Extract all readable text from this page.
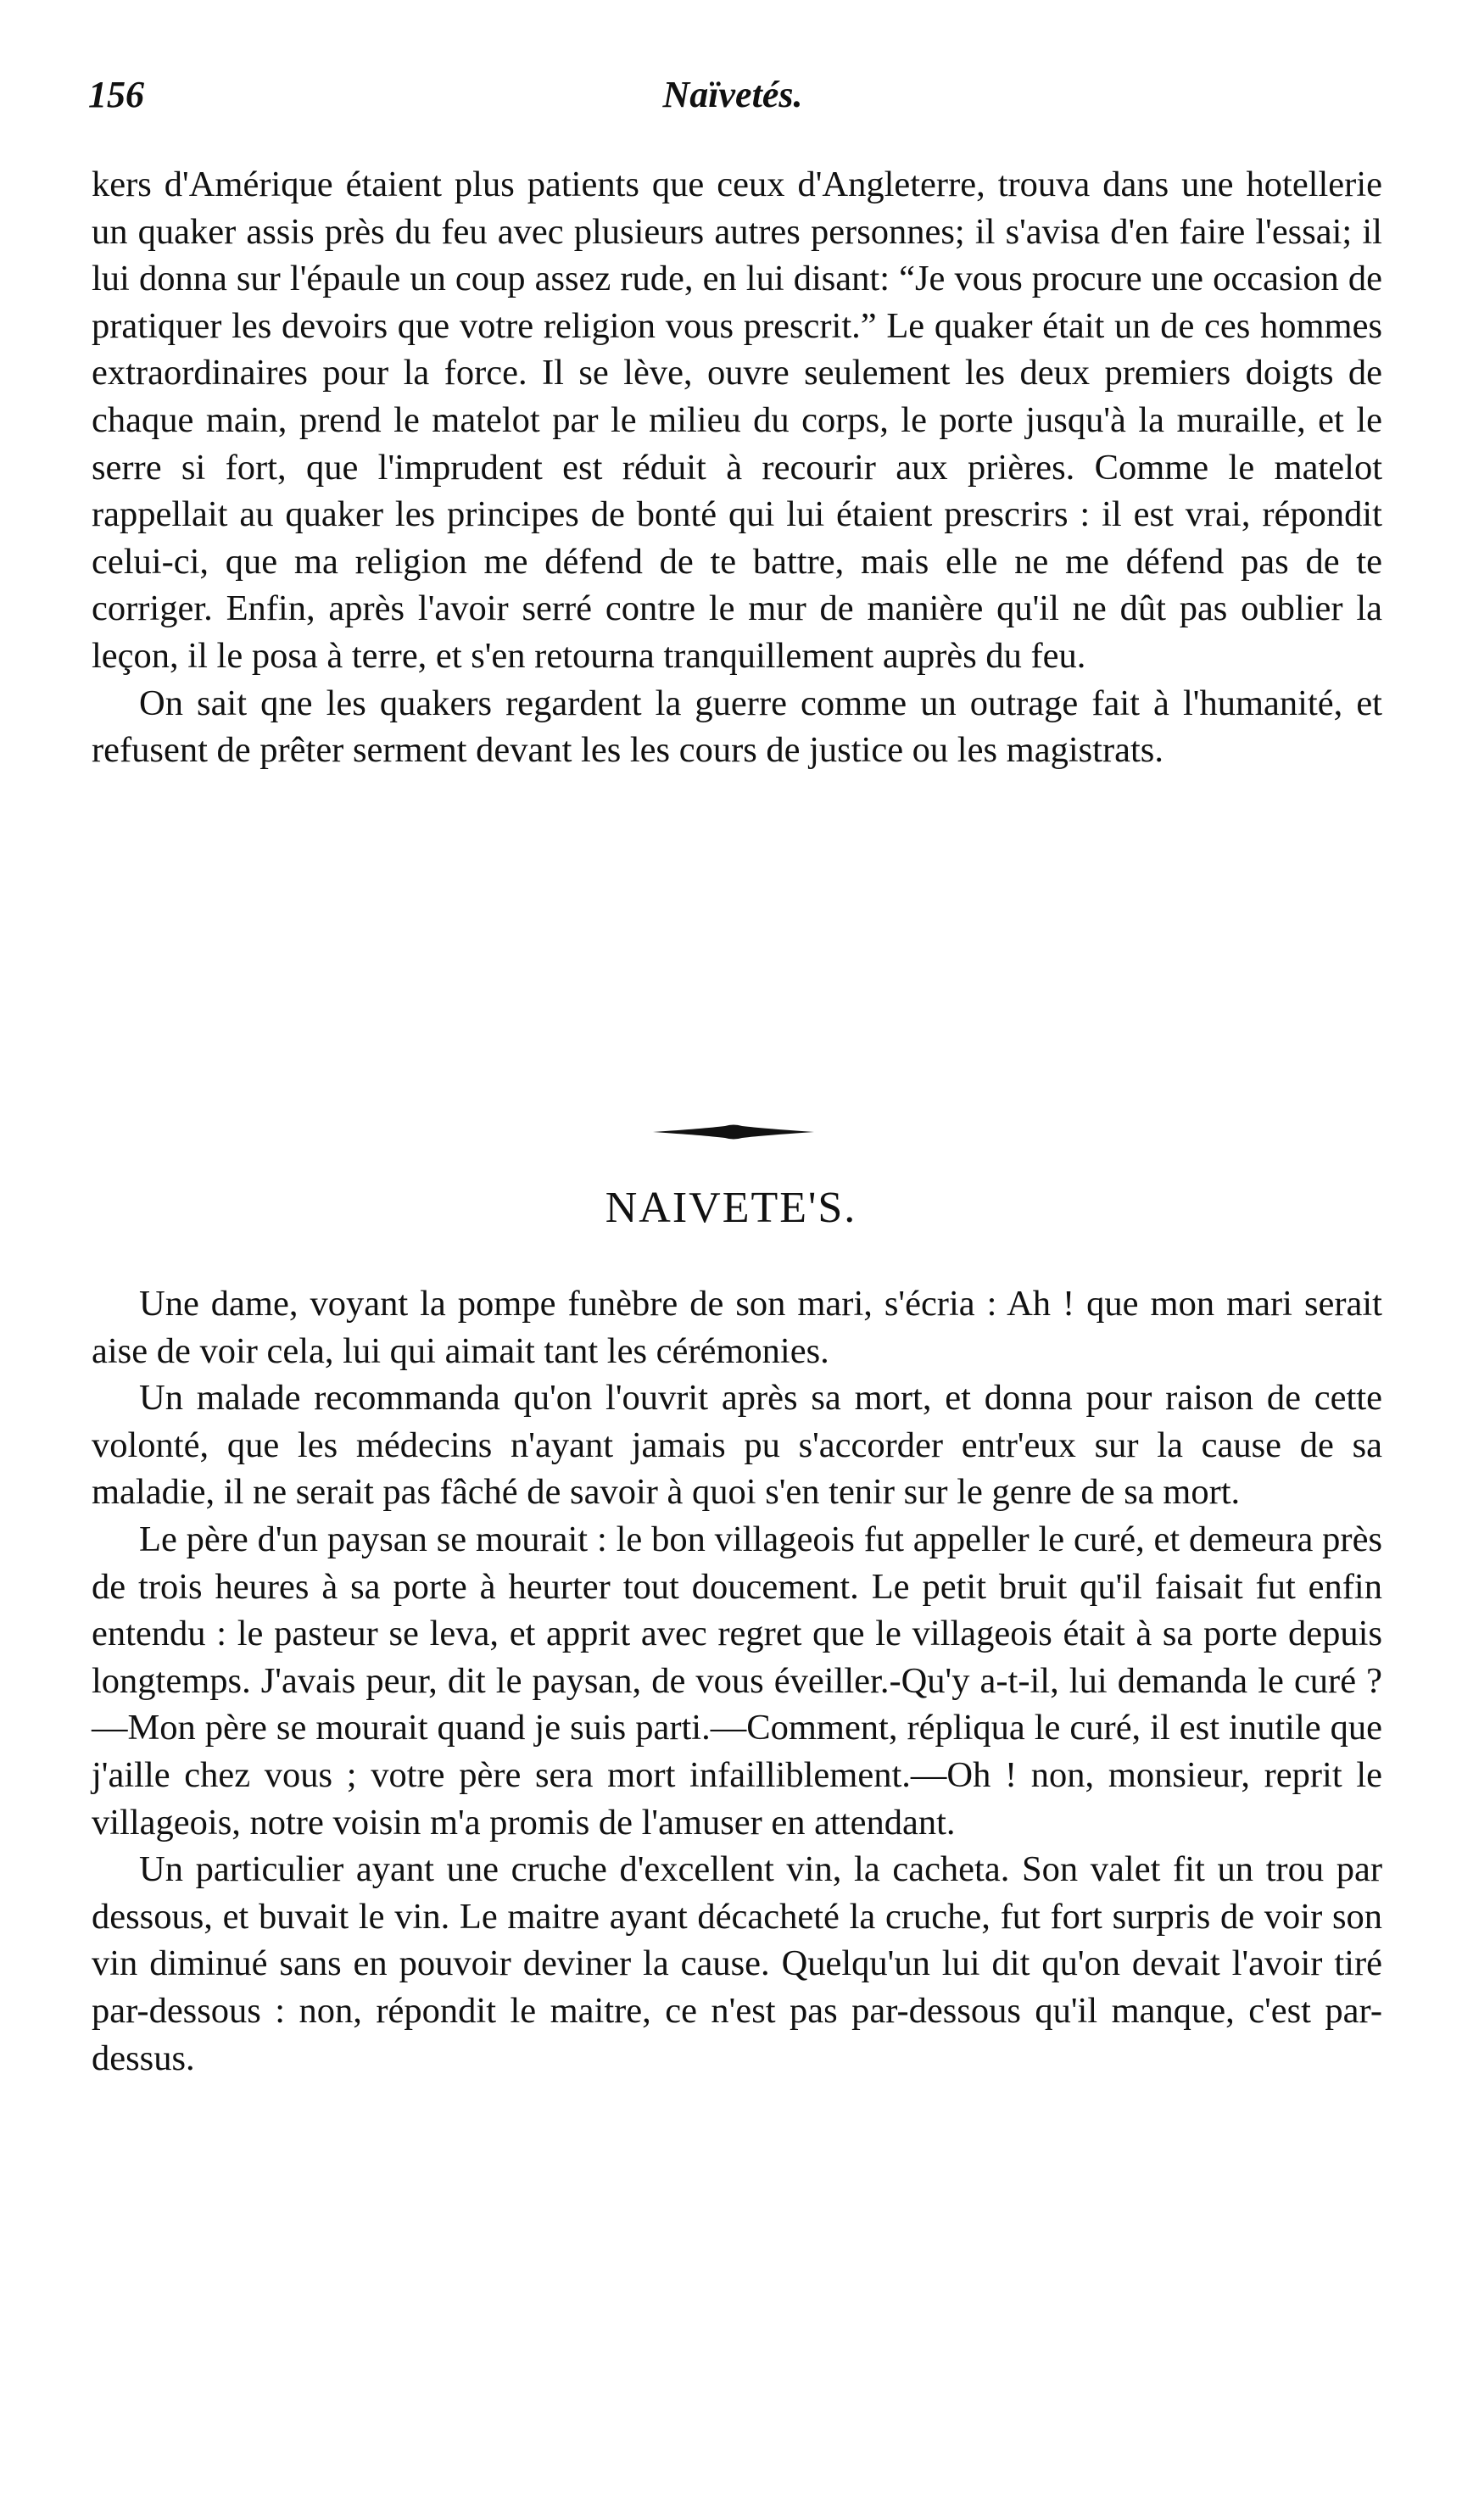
156	Naïvetés.

kers d'Amérique étaient plus patients que ceux d'Angleterre, trouva dans une hotellerie un quaker assis près du feu avec plusieurs autres personnes; il s'avisa d'en faire l'essai; il lui donna sur l'épaule un coup assez rude, en lui disant: “Je vous procure une occasion de pratiquer les devoirs que votre religion vous prescrit.” Le quaker était un de ces hommes extraordinaires pour la force. Il se lève, ouvre seulement les deux premiers doigts de chaque main, prend le matelot par le milieu du corps, le porte jusqu'à la muraille, et le serre si fort, que l'imprudent est réduit à recourir aux prières. Comme le matelot rappellait au quaker les principes de bonté qui lui étaient prescrirs : il est vrai, répondit celui-ci, que ma religion me défend de te battre, mais elle ne me défend pas de te corriger. Enfin, après l'avoir serré contre le mur de manière qu'il ne dût pas oublier la leçon, il le posa à terre, et s'en retourna tranquillement auprès du feu.

On sait qne les quakers regardent la guerre comme un outrage fait à l'humanité, et refusent de prêter serment devant les les cours de justice ou les magistrats.

NAIVETE'S.

Une dame, voyant la pompe funèbre de son mari, s'écria : Ah ! que mon mari serait aise de voir cela, lui qui aimait tant les cérémonies.

Un malade recommanda qu'on l'ouvrit après sa mort, et donna pour raison de cette volonté, que les médecins n'ayant jamais pu s'accorder entr'eux sur la cause de sa maladie, il ne serait pas fâché de savoir à quoi s'en tenir sur le genre de sa mort.

Le père d'un paysan se mourait : le bon villageois fut appeller le curé, et demeura près de trois heures à sa porte à heurter tout doucement. Le petit bruit qu'il faisait fut enfin entendu : le pasteur se leva, et apprit avec regret que le villageois était à sa porte depuis longtemps. J'avais peur, dit le paysan, de vous éveiller.-Qu'y a-t-il, lui demanda le curé ?—Mon père se mourait quand je suis parti.—Comment, répliqua le curé, il est inutile que j'aille chez vous ; votre père sera mort infailliblement.—Oh ! non, monsieur, reprit le villageois, notre voisin m'a promis de l'amuser en attendant.

Un particulier ayant une cruche d'excellent vin, la cacheta. Son valet fit un trou par dessous, et buvait le vin. Le maitre ayant décacheté la cruche, fut fort surpris de voir son vin diminué sans en pouvoir deviner la cause. Quelqu'un lui dit qu'on devait l'avoir tiré par-dessous : non, répondit le maitre, ce n'est pas par-dessous qu'il manque, c'est par-dessus.
